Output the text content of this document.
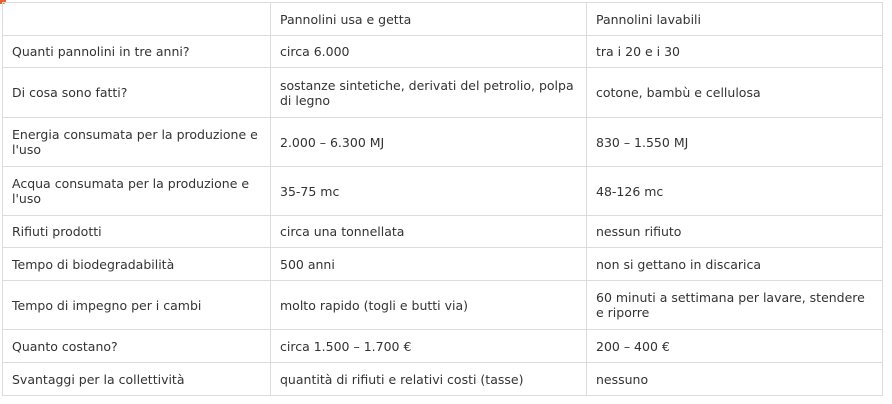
	Pannolini usa e getta	Pannolini lavabili
Quanti pannolini in tre anni?	circa 6.000	tra i 20 e i 30
Di cosa sono fatti?	sostanze sintetiche, derivati del petrolio, polpa di legno	cotone, bambù e cellulosa
Energia consumata per la produzione e l'uso	2.000 – 6.300 MJ	830 – 1.550 MJ
Acqua consumata per la produzione e l'uso	35-75 mc	48-126 mc
Rifiuti prodotti	circa una tonnellata	nessun rifiuto
Tempo di biodegradabilità	500 anni	non si gettano in discarica
Tempo di impegno per i cambi	molto rapido (togli e butti via)	60 minuti a settimana per lavare, stendere e riporre
Quanto costano?	circa 1.500 – 1.700 €	200 – 400 €
Svantaggi per la collettività	quantità di rifiuti e relativi costi (tasse)	nessuno
